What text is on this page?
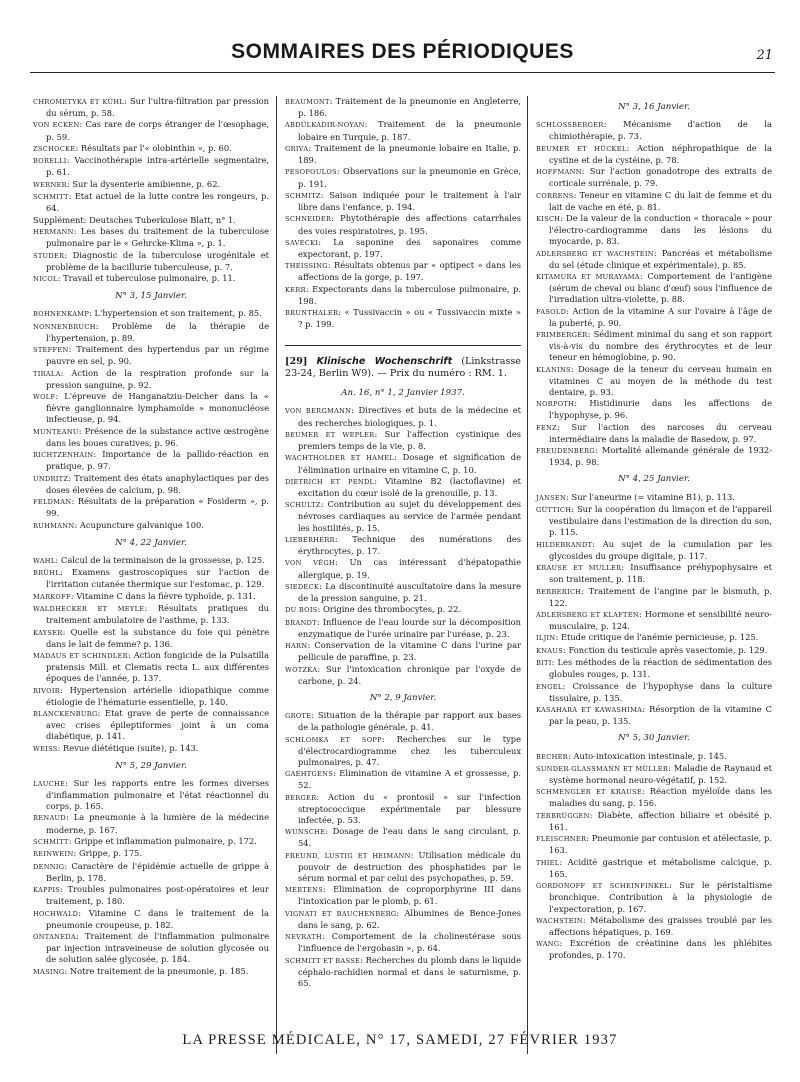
SOMMAIRES DES PÉRIODIQUES	21
CHROMETYKA ET KÜHL: Sur l'ultra-filtration par pression du sérum, p. 58.
VON ECKEN: Cas rare de corps étranger de l'œsophage, p. 59.
ZSCHOCKE: Résultats par l'« olobinthin », p. 60.
BORELLI: Vaccinothérapie intra-artérielle segmentaire, p. 61.
WERNER: Sur la dysenterie amibienne, p. 62.
SCHMITT: Etat actuel de la lutte contre les rongeurs, p. 64.
Supplément: Deutsches Tuberkulose Blatt, n° 1.
HERMANN: Les bases du traitement de la tuberculose pulmonaire par le « Gehrcke-Klima », p. 1.
STUDER: Diagnostic de la tuberculose urogénitale et problème de la bacillurie tuberculeuse, p. 7.
NICOL: Travail et tuberculose pulmonaire, p. 11.
N° 3, 15 Janvier.
BOHNENKAMP: L'hypertension et son traitement, p. 85.
NONNENBRUCH: Problème de la thérapie de l'hypertension, p. 89.
STEFFEN: Traitement des hypertendus par un régime pauvre en sel, p. 90.
TIRALA: Action de la respiration profonde sur la pression sanguine, p. 92.
WOLF: L'épreuve de Hanganatziu-Deicher dans la « fièvre ganglionnaire lymphamoïde » mononucléose infectieuse, p. 94.
MUNTEANU: Présence de la substance active œstrogène dans les boues curatives, p. 96.
RICHTZENHAIN: Importance de la pallido-réaction en pratique, p. 97.
UNDRITZ: Traitement des états anaphylactiques par des doses élevées de calcium, p. 98.
FELDMAN: Résultats de la préparation « Fosiderm », p. 99.
RUHMANN: Acupuncture galvanique 100.
N° 4, 22 Janvier.
WAHL: Calcul de la terminaison de la grossesse, p. 125.
BRÜHL: Examens gastroscopiques sur l'action de l'irritation cutanée thermique sur l'estomac, p. 129.
MARKOFF: Vitamine C dans la fièvre typhoïde, p. 131.
WALDHECKER ET MEYLE: Résultats pratiques du traitement ambulatoire de l'asthme, p. 133.
KAYSER: Quelle est la substance du foie qui pénètre dans le lait de femme? p. 136.
MADAUS ET SCHINDLER: Action fongicide de la Pulsatilla pratensis Mill. et Clematis recta L. aux différentes époques de l'année, p. 137.
RIVOIR: Hypertension artérielle idiopathique comme étiologie de l'hématurie essentielle, p. 140.
BLANCKENBURG: Etat grave de perte de connaissance avec crises épileptiformes joint à un coma diabétique, p. 141.
WEISS: Revue diététique (suite), p. 143.
N° 5, 29 Janvier.
LAUCHE: Sur les rapports entre les formes diverses d'inflammation pulmonaire et l'état réactionnel du corps, p. 165.
RENAUD: La pneumonie à la lumière de la médecine moderne, p. 167.
SCHMITT: Grippe et inflammation pulmonaire, p. 172.
REINWEIN: Grippe, p. 175.
DENNIG: Caractère de l'épidémie actuelle de grippe à Berlin, p. 178.
KAPPIS: Troubles pulmonaires post-opératoires et leur traitement, p. 180.
HOCHWALD: Vitamine C dans le traitement de la pneumonie croupeuse, p. 182.
ONTANEDA: Traitement de l'inflammation pulmonaire par injection intraveineuse de solution glycosée ou de solution salée glycosée, p. 184.
MASING: Notre traitement de la pneumonie, p. 185.
BEAUMONT: Traitement de la pneumonie en Angleterre, p. 186.
ABDÜLKADIR-NOYAN: Traitement de la pneumonie lobaire en Turquie, p. 187.
GRIVA: Traitement de la pneumonie lobaire en Italie, p. 189.
PESOPOULOS: Observations sur la pneumonie en Grèce, p. 191.
SCHMITZ: Saison indiquée pour le traitement à l'air libre dans l'enfance, p. 194.
SCHNEIDER: Phytothérapie des affections catarrhales des voies respiratoires, p. 195.
SAVECKI: La saponine des saponaires comme expectorant, p. 197.
THEISSING: Résultats obtenus par « optipect » dans les affections de la gorge, p. 197.
KERR: Expectorants dans la tuberculose pulmonaire, p. 198.
BRUNTHALER: « Tussivaccin » ou « Tussivaccin mixte » ? p. 199.
[29] Klinische Wochenschrift (Linkstrasse 23-24, Berlin W9). — Prix du numéro : RM. 1.
An. 16, n° 1, 2 Janvier 1937.
VON BERGMANN: Directives et buts de la médecine et des recherches biologiques, p. 1.
BEUMER ET WEPLER: Sur l'affection cystinique des premiers temps de la vie, p. 8.
WACHTHOLDER ET HAMEL: Dosage et signification de l'élimination urinaire en vitamine C, p. 10.
DIETRICH ET PENDL: Vitamine B2 (lactoflavine) et excitation du cœur isolé de la grenouille, p. 13.
SCHULTZ: Contribution au sujet du développement des névroses cardiaques au service de l'armée pendant les hostilités, p. 15.
LIEBERHERR: Technique des numérations des érythrocytes, p. 17.
VON VĚGH: Un cas intéressant d'hépatopathie allergique, p. 19.
SIEDECK: La discontinuité auscultatoire dans la mesure de la pression sanguine, p. 21.
DU BOIS: Origine des thrombocytes, p. 22.
BRANDT: Influence de l'eau lourde sur la décomposition enzymatique de l'urée urinaire par l'uréase, p. 23.
HARN: Conservation de la vitamine C dans l'urine par pellicule de paraffine, p. 23.
WOTZKA: Sur l'intoxication chronique par l'oxyde de carbone, p. 24.
N° 2, 9 Janvier.
GROTE: Situation de la thérapie par rapport aux bases de la pathologie générale, p. 41.
SCHLOMKA ET SOPP: Recherches sur le type d'électrocardiogramme chez les tuberculeux pulmonaires, p. 47.
GAEHTGENS: Elimination de vitamine A et grossesse, p. 52.
BERGER: Action du « prontosil » sur l'infection streptococcique expérimentale par blessure infectée, p. 53.
WUNSCHE: Dosage de l'eau dans le sang circulant, p. 54.
FREUND, LUSTIG ET HEIMANN: Utilisation médicale du pouvoir de destruction des phosphatides par le sérum normal et par celui des psychopathes, p. 59.
MERTENS: Elimination de coproporphyrine III dans l'intoxication par le plomb, p. 61.
VIGNATI ET BAUCHENBERG: Albumines de Bence-Jones dans le sang, p. 62.
NEVRATH: Comportement de la cholinestérase sous l'influence de l'ergobasin », p. 64.
SCHMITT ET BASSE: Recherches du plomb dans le liquide céphalo-rachidien normal et dans le saturnisme, p. 65.
N° 3, 16 Janvier.
SCHLOSSBERGER: Mécanisme d'action de la chimiothérapie, p. 73.
BEUMER ET HÜCKEL: Action néphropathique de la cystine et de la cystéine, p. 78.
HOFFMANN: Sur l'action gonadotrope des extraits de corticale surrénale, p. 79.
CORRENS: Teneur en vitamine C du lait de femme et du lait de vache en été, p. 81.
KISCH: De la valeur de la conduction « thoracale » pour l'électro-cardiogramme dans les lésions du myocarde, p. 83.
ADLERSBERG ET WACHSTEIN: Pancréas et métabolisme du sel (étude clinique et expérimentale), p. 85.
KITAMURA ET MURAYAMA: Comportement de l'antigène (sérum de cheval ou blanc d'œuf) sous l'influence de l'irradiation ultra-violette, p. 88.
FASOLD: Action de la vitamine A sur l'ovaire à l'âge de la puberté, p. 90.
FRIMBERGER: Sédiment minimal du sang et son rapport vis-à-vis du nombre des érythrocytes et de leur teneur en hémoglobine, p. 90.
KLANINS: Dosage de la teneur du cerveau humain en vitamines C au moyen de la méthode du test dentaire, p. 93.
NORPOTH: Histidinurie dans les affections de l'hypophyse, p. 96.
FENZ: Sur l'action des narcoses du cerveau intermédiaire dans la maladie de Basedow, p. 97.
FREUDENBERG: Mortalité allemande générale de 1932-1934, p. 98.
N° 4, 25 Janvier.
JANSEN: Sur l'aneurine (= vitamine B1), p. 113.
GÜTTICH: Sur la coopération du limaçon et de l'appareil vestibulaire dans l'estimation de la direction du son, p. 115.
HILDEBRANDT: Au sujet de la cumulation par les glycosides du groupe digitale, p. 117.
KRAUSE ET MULLER: Insuffisance préhypophysaire et son traitement, p. 118.
BERBERICH: Traitement de l'angine par le bismuth, p. 122.
ADLERSBERG ET KLAFTEN: Hormone et sensibilité neuro-musculaire, p. 124.
ILJIN: Etude critique de l'anémie pernicieuse, p. 125.
KNAUS: Fonction du testicule après vasectomie, p. 129.
BITI: Les méthodes de la réaction de sédimentation des globules rouges, p. 131.
ENGEL: Croissance de l'hypophyse dans la culture tissulaire, p. 135.
KASAHARA ET KAWASHIMA: Résorption de la vitamine C par la peau, p. 135.
N° 5, 30 Janvier.
BECHER: Auto-intoxication intestinale, p. 145.
SUNDER-GLASSMANN ET MÜLLER: Maladie de Raynaud et système hormonal neuro-végétatif, p. 152.
SCHMENGLER ET KRAUSE: Réaction myéloïde dans les maladies du sang, p. 156.
TERBRÜGGEN: Diabète, affection biliaire et obésité p. 161.
FLEISCHNER: Pneumonie par contusion et atélectasie, p. 163.
THIEL: Acidité gastrique et métabolisme calcique, p. 165.
GORDONOFF ET SCHEINFINKEL: Sur le péristaltisme bronchique. Contribution à la physiologie de l'expectoration, p. 167.
WACHSTEIN: Métabolisme des graisses troublé par les affections hépatiques, p. 169.
WANG: Excrétion de créatinine dans les phlébites profondes, p. 170.
LA PRESSE MÉDICALE, N° 17, SAMEDI, 27 FÉVRIER 1937
